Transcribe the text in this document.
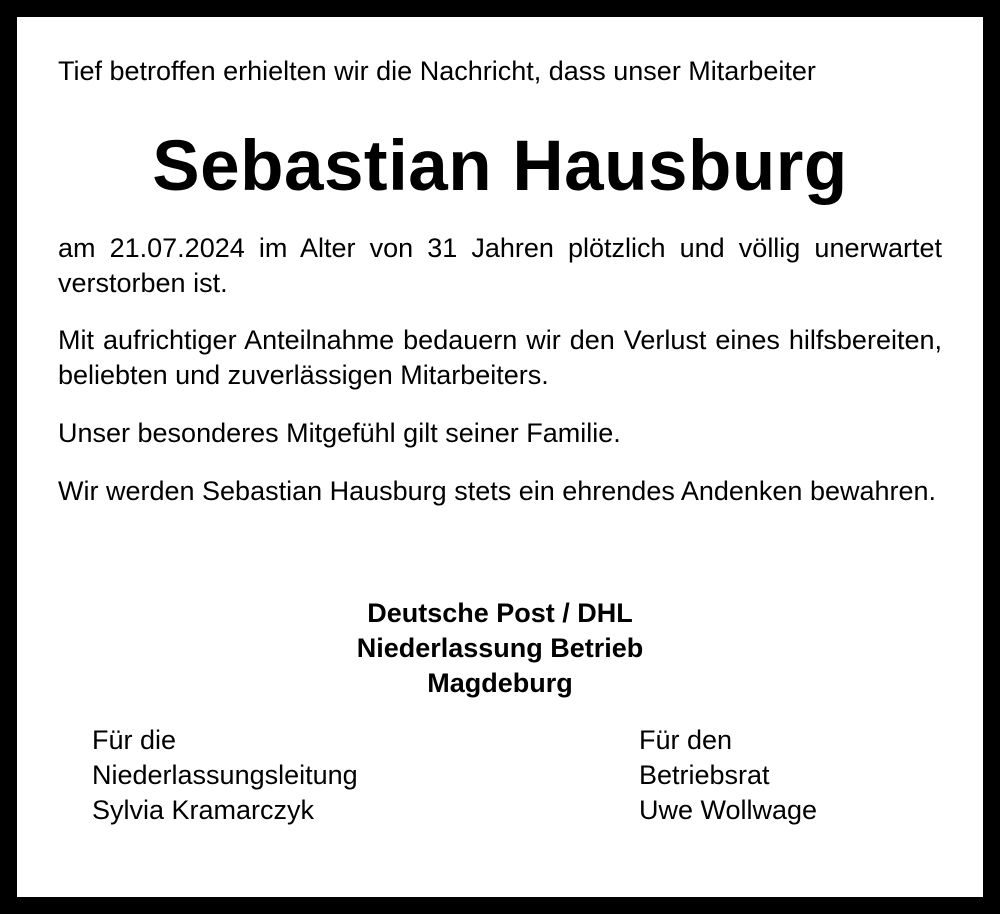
Tief betroffen erhielten wir die Nachricht, dass unser Mitarbeiter

Sebastian Hausburg

am 21.07.2024 im Alter von 31 Jahren plötzlich und völlig unerwartet verstorben ist.

Mit aufrichtiger Anteilnahme bedauern wir den Verlust eines hilfsbereiten, beliebten und zuverlässigen Mitarbeiters.

Unser besonderes Mitgefühl gilt seiner Familie.

Wir werden Sebastian Hausburg stets ein ehrendes Andenken bewahren.

Deutsche Post / DHL
Niederlassung Betrieb
Magdeburg
Für die
Niederlassungsleitung
Sylvia Kramarczyk
Für den
Betriebsrat
Uwe Wollwage
